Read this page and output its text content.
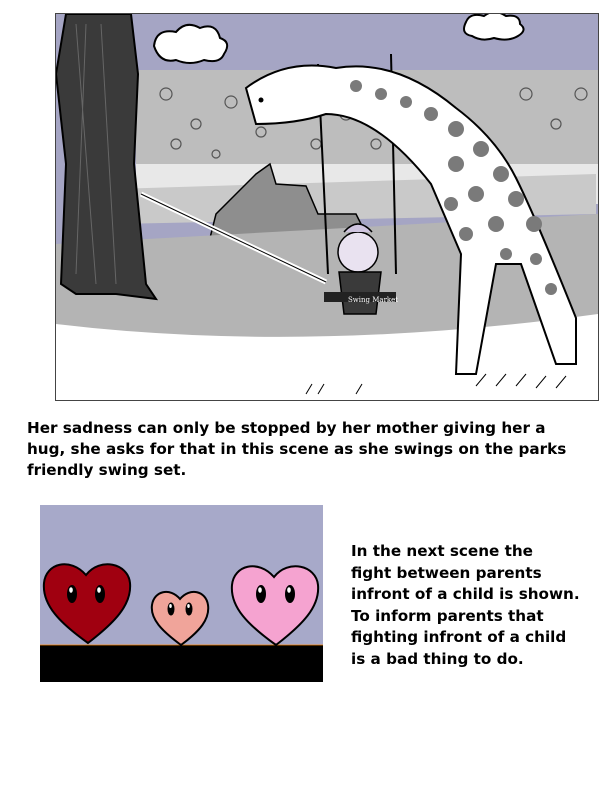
Swing Market
Her sadness can only be stopped by her mother giving her a hug, she asks for that in this scene as she swings on the parks friendly swing set.
In the next scene the
fight between parents
infront of a child is shown.
To inform parents that
fighting infront of a child
is a bad thing to do.
